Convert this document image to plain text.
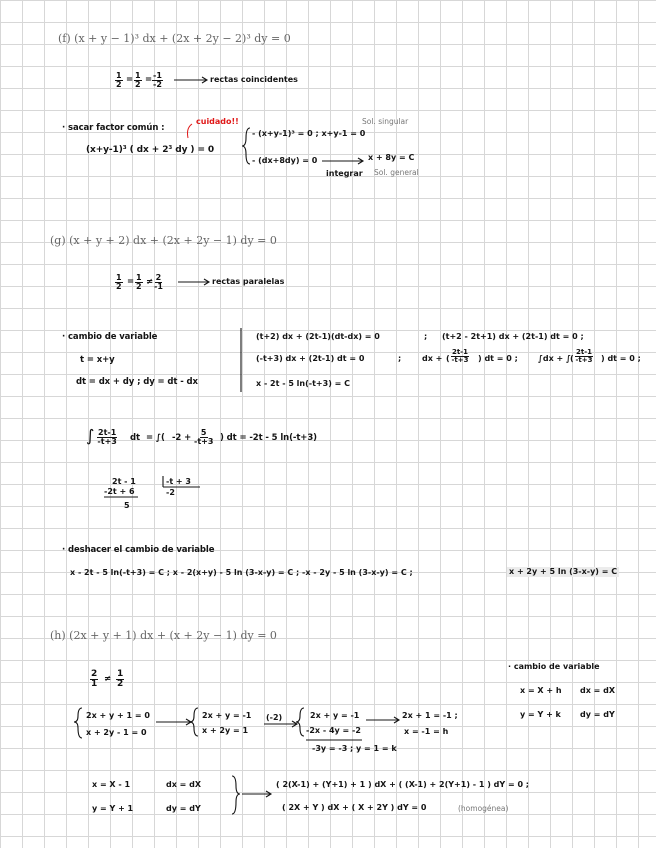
(f) (x + y − 1)³ dx + (2x + 2y − 2)³ dy = 0
$\frac{1}{2} = \frac{1}{2} = \frac{-1}{-2}$	rectas coincidentes
· sacar factor común :
cuidado!!
(x+y-1)³ ( dx + 2³ dy ) = 0
- (x+y-1)³ = 0 ; x+y-1 = 0
Sol. singular
- (dx+8dy) = 0
integrar
x + 8y = C
Sol. general
(g) (x + y + 2) dx + (2x + 2y − 1) dy = 0
$\frac{1}{2} = \frac{1}{2} \ne \frac{2}{-1}$	rectas paralelas
· cambio de variable
t = x+y
dt = dx + dy ; dy = dt - dx
(t+2) dx + (2t-1)(dt-dx) = 0	; (t+2 - 2t+1) dx + (2t-1) dt = 0 ;
(-t+3) dx + (2t-1) dt = 0	;	dx + ( $\frac{2t-1}{-t+3}$ ) dt = 0 ;	∫dx + ∫ ( $\frac{2t-1}{-t+3}$ ) dt = 0 ;
x - 2t - 5 ln(-t+3) = C
∫ $\frac{2t-1}{-t+3}$ dt = ∫( $-2 + \frac{5}{-t+3}$ ) dt = -2t - 5 ln(-t+3)
2t - 1
-2t + 6
5
-t + 3
-2
· deshacer el cambio de variable
x - 2t - 5 ln(-t+3) = C ; x - 2(x+y) - 5 ln (3-x-y) = C ; -x - 2y - 5 ln (3-x-y) = C ;	x + 2y + 5 ln (3-x-y) = C
(h) (2x + y + 1) dx + (x + 2y − 1) dy = 0
$\frac{2}{1} \ne \frac{1}{2}$
· cambio de variable
x = X + h dx = dX
y = Y + k dy = dY
2x + y + 1 = 0
x + 2y - 1 = 0
2x + y = -1
x + 2y = 1
(-2)	2x + y = -1
-2x - 4y = -2
-3y = -3 ; y = 1 = k
2x + 1 = -1 ;
x = -1 = h
x = X - 1	dx = dX
y = Y + 1	dy = dY
( 2(X-1) + (Y+1) + 1 ) dX + ( (X-1) + 2(Y+1) - 1 ) dY = 0 ;
( 2X + Y ) dX + ( X + 2Y ) dY = 0	(homogénea)
